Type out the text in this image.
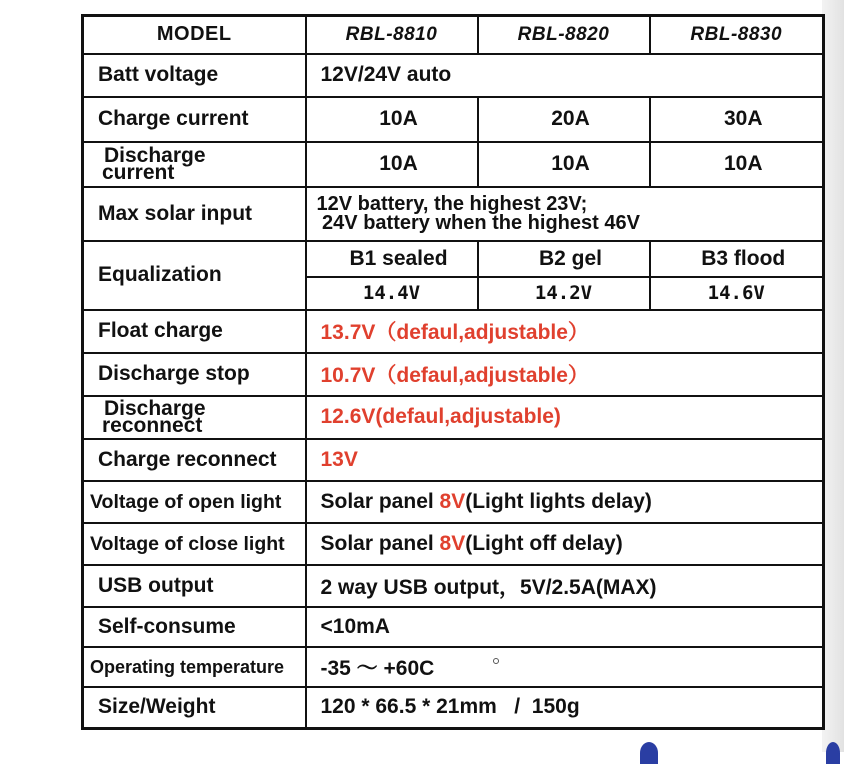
MODEL	RBL-8810	RBL-8820	RBL-8830
Batt voltage	12V/24V auto		
Charge current	10A	20A	30A

Discharge
current	10A	10A	10A
Max solar input	12V battery, the highest 23V;
24V battery when the highest 46V		

Equalization	B1 sealed	B2 gel	B3 flood
	14.4V	14.2V	14.6V
Float charge	13.7V（defaul,adjustable）		
Discharge stop	10.7V（defaul,adjustable）		

Discharge
reconnect	12.6V(defaul,adjustable)		
Charge reconnect	13V		
Voltage of open light	Solar panel 8V(Light lights delay)		
Voltage of close light	Solar panel 8V(Light off delay)		
USB output	2 way USB output，5V/2.5A(MAX)		
Self-consume	<10mA		
Operating temperature	-35 ～ +60C		
Size/Weight	120 * 66.5 * 21mm   /  150g		
